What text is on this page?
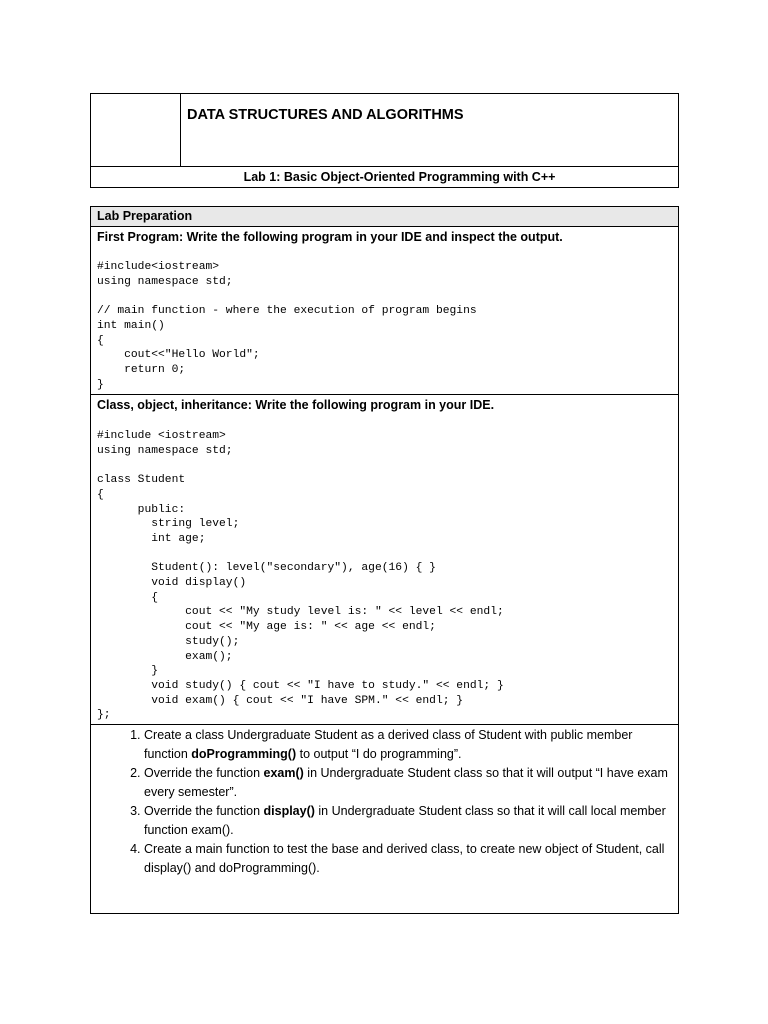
DATA STRUCTURES AND ALGORITHMS
Lab 1: Basic Object-Oriented Programming with C++
Lab Preparation
First Program: Write the following program in your IDE and inspect the output.
#include<iostream>
using namespace std;

// main function - where the execution of program begins
int main()
{
cout<<"Hello World";
return 0;
}
Class, object, inheritance: Write the following program in your IDE.
#include <iostream>
using namespace std;

class Student
{
public:
string level;
int age;

Student(): level("secondary"), age(16) { }
void display()
{
cout << "My study level is: " << level << endl;
cout << "My age is: " << age << endl;
study();
exam();
}
void study() { cout << "I have to study." << endl; }
void exam() { cout << "I have SPM." << endl; }
};
1. Create a class Undergraduate Student as a derived class of Student with public member function doProgramming() to output “I do programming”.
2. Override the function exam() in Undergraduate Student class so that it will output “I have exam every semester”.
3. Override the function display() in Undergraduate Student class so that it will call local member function exam().
4. Create a main function to test the base and derived class, to create new object of Student, call display() and doProgramming().
